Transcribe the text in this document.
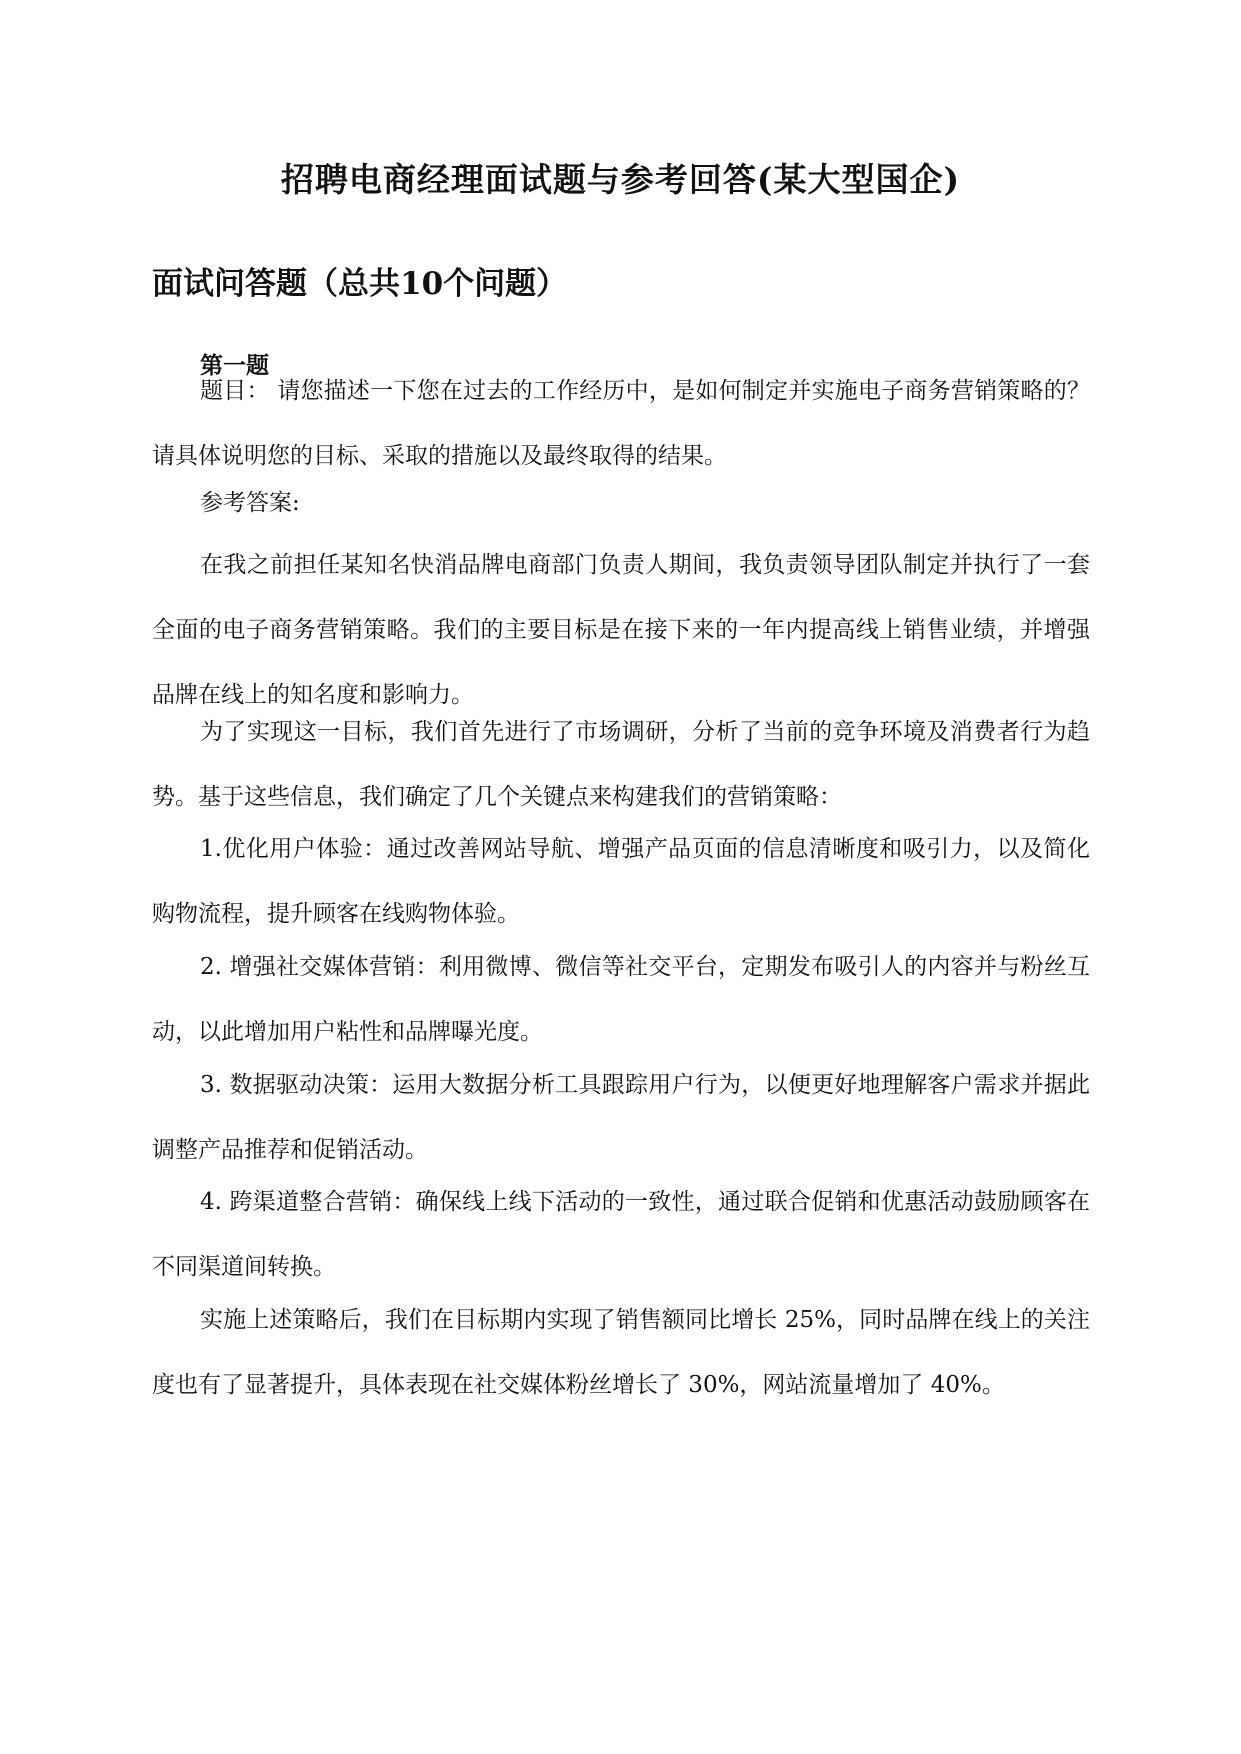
招聘电商经理面试题与参考回答(某大型国企)
面试问答题（总共10个问题）
第一题

题目： 请您描述一下您在过去的工作经历中，是如何制定并实施电子商务营销策略的？请具体说明您的目标、采取的措施以及最终取得的结果。

参考答案:

在我之前担任某知名快消品牌电商部门负责人期间，我负责领导团队制定并执行了一套全面的电子商务营销策略。我们的主要目标是在接下来的一年内提高线上销售业绩，并增强品牌在线上的知名度和影响力。

为了实现这一目标，我们首先进行了市场调研，分析了当前的竞争环境及消费者行为趋势。基于这些信息，我们确定了几个关键点来构建我们的营销策略：

1.优化用户体验：通过改善网站导航、增强产品页面的信息清晰度和吸引力，以及简化购物流程，提升顾客在线购物体验。

2. 增强社交媒体营销：利用微博、微信等社交平台，定期发布吸引人的内容并与粉丝互动，以此增加用户粘性和品牌曝光度。

3. 数据驱动决策：运用大数据分析工具跟踪用户行为，以便更好地理解客户需求并据此调整产品推荐和促销活动。

4. 跨渠道整合营销：确保线上线下活动的一致性，通过联合促销和优惠活动鼓励顾客在不同渠道间转换。

实施上述策略后，我们在目标期内实现了销售额同比增长 25%，同时品牌在线上的关注度也有了显著提升，具体表现在社交媒体粉丝增长了 30%，网站流量增加了 40%。
